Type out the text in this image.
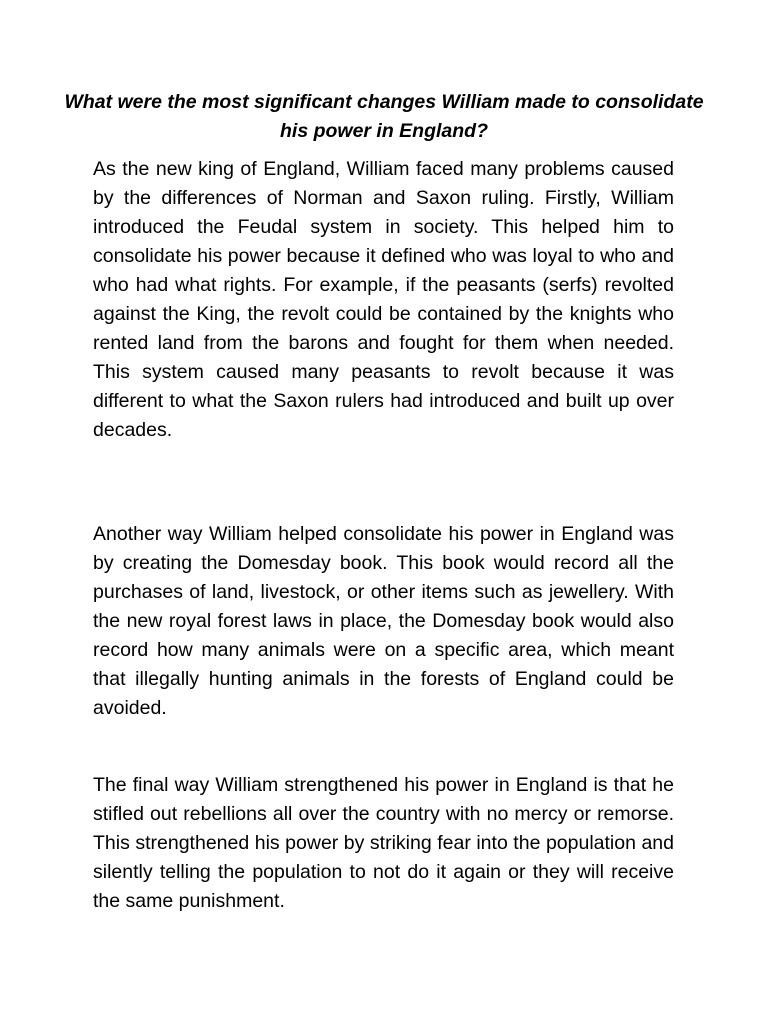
What were the most significant changes William made to consolidate his power in England?

As the new king of England, William faced many problems caused by the differences of Norman and Saxon ruling. Firstly, William introduced the Feudal system in society. This helped him to consolidate his power because it defined who was loyal to who and who had what rights. For example, if the peasants (serfs) revolted against the King, the revolt could be contained by the knights who rented land from the barons and fought for them when needed. This system caused many peasants to revolt because it was different to what the Saxon rulers had introduced and built up over decades.

Another way William helped consolidate his power in England was by creating the Domesday book. This book would record all the purchases of land, livestock, or other items such as jewellery. With the new royal forest laws in place, the Domesday book would also record how many animals were on a specific area, which meant that illegally hunting animals in the forests of England could be avoided.

The final way William strengthened his power in England is that he stifled out rebellions all over the country with no mercy or remorse. This strengthened his power by striking fear into the population and silently telling the population to not do it again or they will receive the same punishment.
